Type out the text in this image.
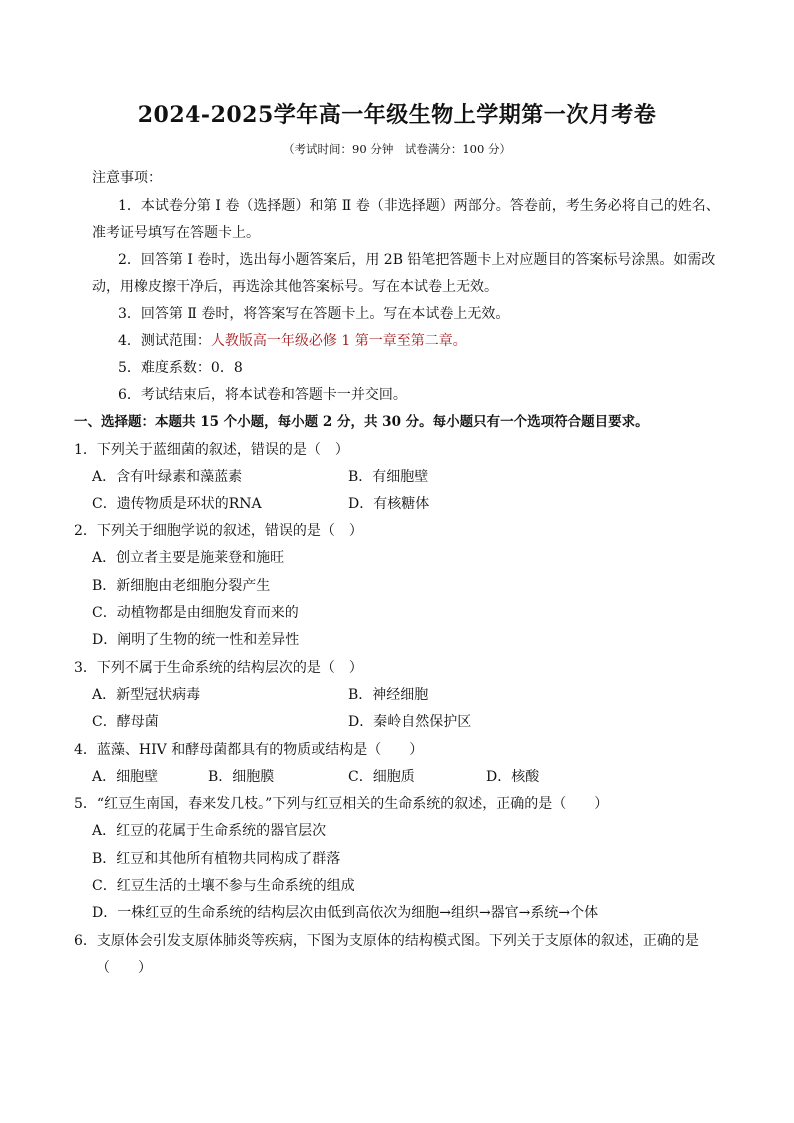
2024-2025学年高一年级生物上学期第一次月考卷
（考试时间：90 分钟　试卷满分：100 分）
注意事项：
1．本试卷分第 Ⅰ 卷（选择题）和第 Ⅱ 卷（非选择题）两部分。答卷前，考生务必将自己的姓名、
准考证号填写在答题卡上。
2．回答第 Ⅰ 卷时，选出每小题答案后，用 2B 铅笔把答题卡上对应题目的答案标号涂黑。如需改
动，用橡皮擦干净后，再选涂其他答案标号。写在本试卷上无效。
3．回答第 Ⅱ 卷时，将答案写在答题卡上。写在本试卷上无效。
4．测试范围：人教版高一年级必修 1 第一章至第二章。
5．难度系数：0．8
6．考试结束后，将本试卷和答题卡一并交回。
一、选择题：本题共 15 个小题，每小题 2 分，共 30 分。每小题只有一个选项符合题目要求。
1．下列关于蓝细菌的叙述，错误的是（　）
A．含有叶绿素和藻蓝素	B．有细胞壁
C．遗传物质是环状的RNA	D．有核糖体
2．下列关于细胞学说的叙述，错误的是（　）
A．创立者主要是施莱登和施旺
B．新细胞由老细胞分裂产生
C．动植物都是由细胞发育而来的
D．阐明了生物的统一性和差异性
3．下列不属于生命系统的结构层次的是（　）
A．新型冠状病毒	B．神经细胞
C．酵母菌	D．秦岭自然保护区
4．蓝藻、HIV 和酵母菌都具有的物质或结构是（　　）
A．细胞壁	B．细胞膜	C．细胞质	D．核酸
5．“红豆生南国，春来发几枝。”下列与红豆相关的生命系统的叙述，正确的是（　　）
A．红豆的花属于生命系统的器官层次
B．红豆和其他所有植物共同构成了群落
C．红豆生活的土壤不参与生命系统的组成
D．一株红豆的生命系统的结构层次由低到高依次为细胞→组织→器官→系统→个体
6．支原体会引发支原体肺炎等疾病，下图为支原体的结构模式图。下列关于支原体的叙述，正确的是
（　　）
